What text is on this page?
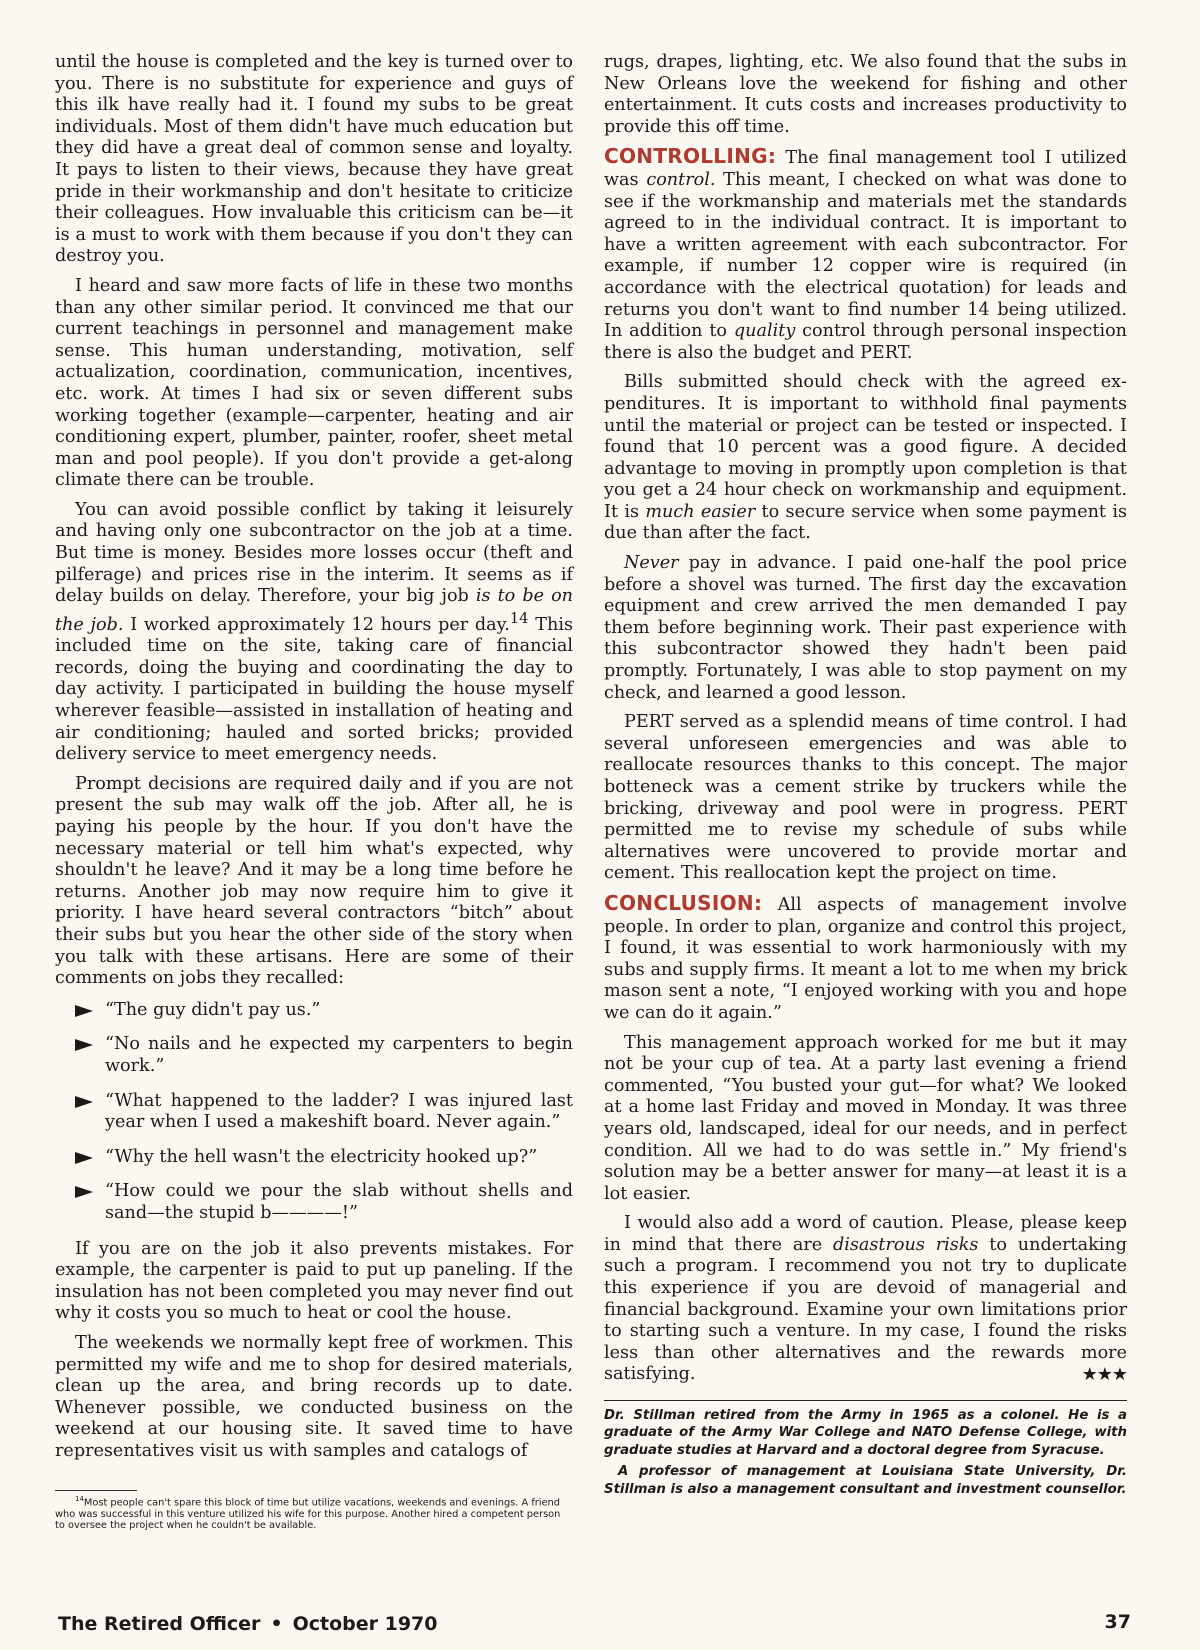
until the house is completed and the key is turned over to you. There is no substitute for experience and guys of this ilk have really had it. I found my subs to be great individuals. Most of them didn't have much education but they did have a great deal of common sense and loyalty. It pays to listen to their views, because they have great pride in their workmanship and don't hesitate to criticize their colleagues. How invaluable this criticism can be—it is a must to work with them because if you don't they can destroy you.

I heard and saw more facts of life in these two months than any other similar period. It convinced me that our current teachings in personnel and management make sense. This human understanding, motivation, self actualization, coordination, communication, incentives, etc. work. At times I had six or seven different subs working together (example—carpenter, heating and air conditioning expert, plumber, painter, roofer, sheet metal man and pool people). If you don't provide a get-along climate there can be trouble.

You can avoid possible conflict by taking it leisurely and having only one subcontractor on the job at a time. But time is money. Besides more losses occur (theft and pilferage) and prices rise in the interim. It seems as if delay builds on delay. Therefore, your big job is to be on the job. I worked approximately 12 hours per day.$^{14}$ This included time on the site, taking care of financial records, doing the buying and coordinating the day to day activity. I participated in building the house myself wherever feasible—assisted in installation of heating and air conditioning; hauled and sorted bricks; provided delivery service to meet emergency needs.

Prompt decisions are required daily and if you are not present the sub may walk off the job. After all, he is paying his people by the hour. If you don't have the necessary material or tell him what's expected, why shouldn't he leave? And it may be a long time before he returns. Another job may now require him to give it priority. I have heard several contractors “bitch” about their subs but you hear the other side of the story when you talk with these artisans. Here are some of their comments on jobs they recalled:

“The guy didn't pay us.”
“No nails and he expected my carpenters to begin work.”
“What happened to the ladder? I was injured last year when I used a makeshift board. Never again.”
“Why the hell wasn't the electricity hooked up?”
“How could we pour the slab without shells and sand—the stupid b————!”

If you are on the job it also prevents mistakes. For example, the carpenter is paid to put up paneling. If the insulation has not been completed you may never find out why it costs you so much to heat or cool the house.

The weekends we normally kept free of workmen. This permitted my wife and me to shop for desired materials, clean up the area, and bring records up to date. Whenever possible, we conducted business on the weekend at our housing site. It saved time to have representatives visit us with samples and catalogs of

$^{14}$Most people can't spare this block of time but utilize vacations, weekends and evenings. A friend who was successful in this venture utilized his wife for this purpose. Another hired a competent person to oversee the project when he couldn't be available.

rugs, drapes, lighting, etc. We also found that the subs in New Orleans love the weekend for fishing and other entertainment. It cuts costs and increases productivity to provide this off time.

CONTROLLING: The final management tool I utilized was control. This meant, I checked on what was done to see if the workmanship and materials met the standards agreed to in the individual contract. It is important to have a written agreement with each subcontractor. For example, if number 12 copper wire is required (in accordance with the electrical quotation) for leads and returns you don't want to find number 14 being utilized. In addition to quality control through personal inspection there is also the budget and PERT.

Bills submitted should check with the agreed expenditures. It is important to withhold final payments until the material or project can be tested or inspected. I found that 10 percent was a good figure. A decided advantage to moving in promptly upon completion is that you get a 24 hour check on workmanship and equipment. It is much easier to secure service when some payment is due than after the fact.

Never pay in advance. I paid one-half the pool price before a shovel was turned. The first day the excavation equipment and crew arrived the men demanded I pay them before beginning work. Their past experience with this subcontractor showed they hadn't been paid promptly. Fortunately, I was able to stop payment on my check, and learned a good lesson.

PERT served as a splendid means of time control. I had several unforeseen emergencies and was able to reallocate resources thanks to this concept. The major botteneck was a cement strike by truckers while the bricking, driveway and pool were in progress. PERT permitted me to revise my schedule of subs while alternatives were uncovered to provide mortar and cement. This reallocation kept the project on time.

CONCLUSION: All aspects of management involve people. In order to plan, organize and control this project, I found, it was essential to work harmoniously with my subs and supply firms. It meant a lot to me when my brick mason sent a note, “I enjoyed working with you and hope we can do it again.”

This management approach worked for me but it may not be your cup of tea. At a party last evening a friend commented, “You busted your gut—for what? We looked at a home last Friday and moved in Monday. It was three years old, landscaped, ideal for our needs, and in perfect condition. All we had to do was settle in.” My friend's solution may be a better answer for many—at least it is a lot easier.

I would also add a word of caution. Please, please keep in mind that there are disastrous risks to undertaking such a program. I recommend you not try to duplicate this experience if you are devoid of managerial and financial background. Examine your own limitations prior to starting such a venture. In my case, I found the risks less than other alternatives and the rewards more satisfying.	★★★

Dr. Stillman retired from the Army in 1965 as a colonel. He is a graduate of the Army War College and NATO Defense College, with graduate studies at Harvard and a doctoral degree from Syracuse.

A professor of management at Louisiana State University, Dr. Stillman is also a management consultant and investment counsellor.

The Retired Officer • October 1970	37
